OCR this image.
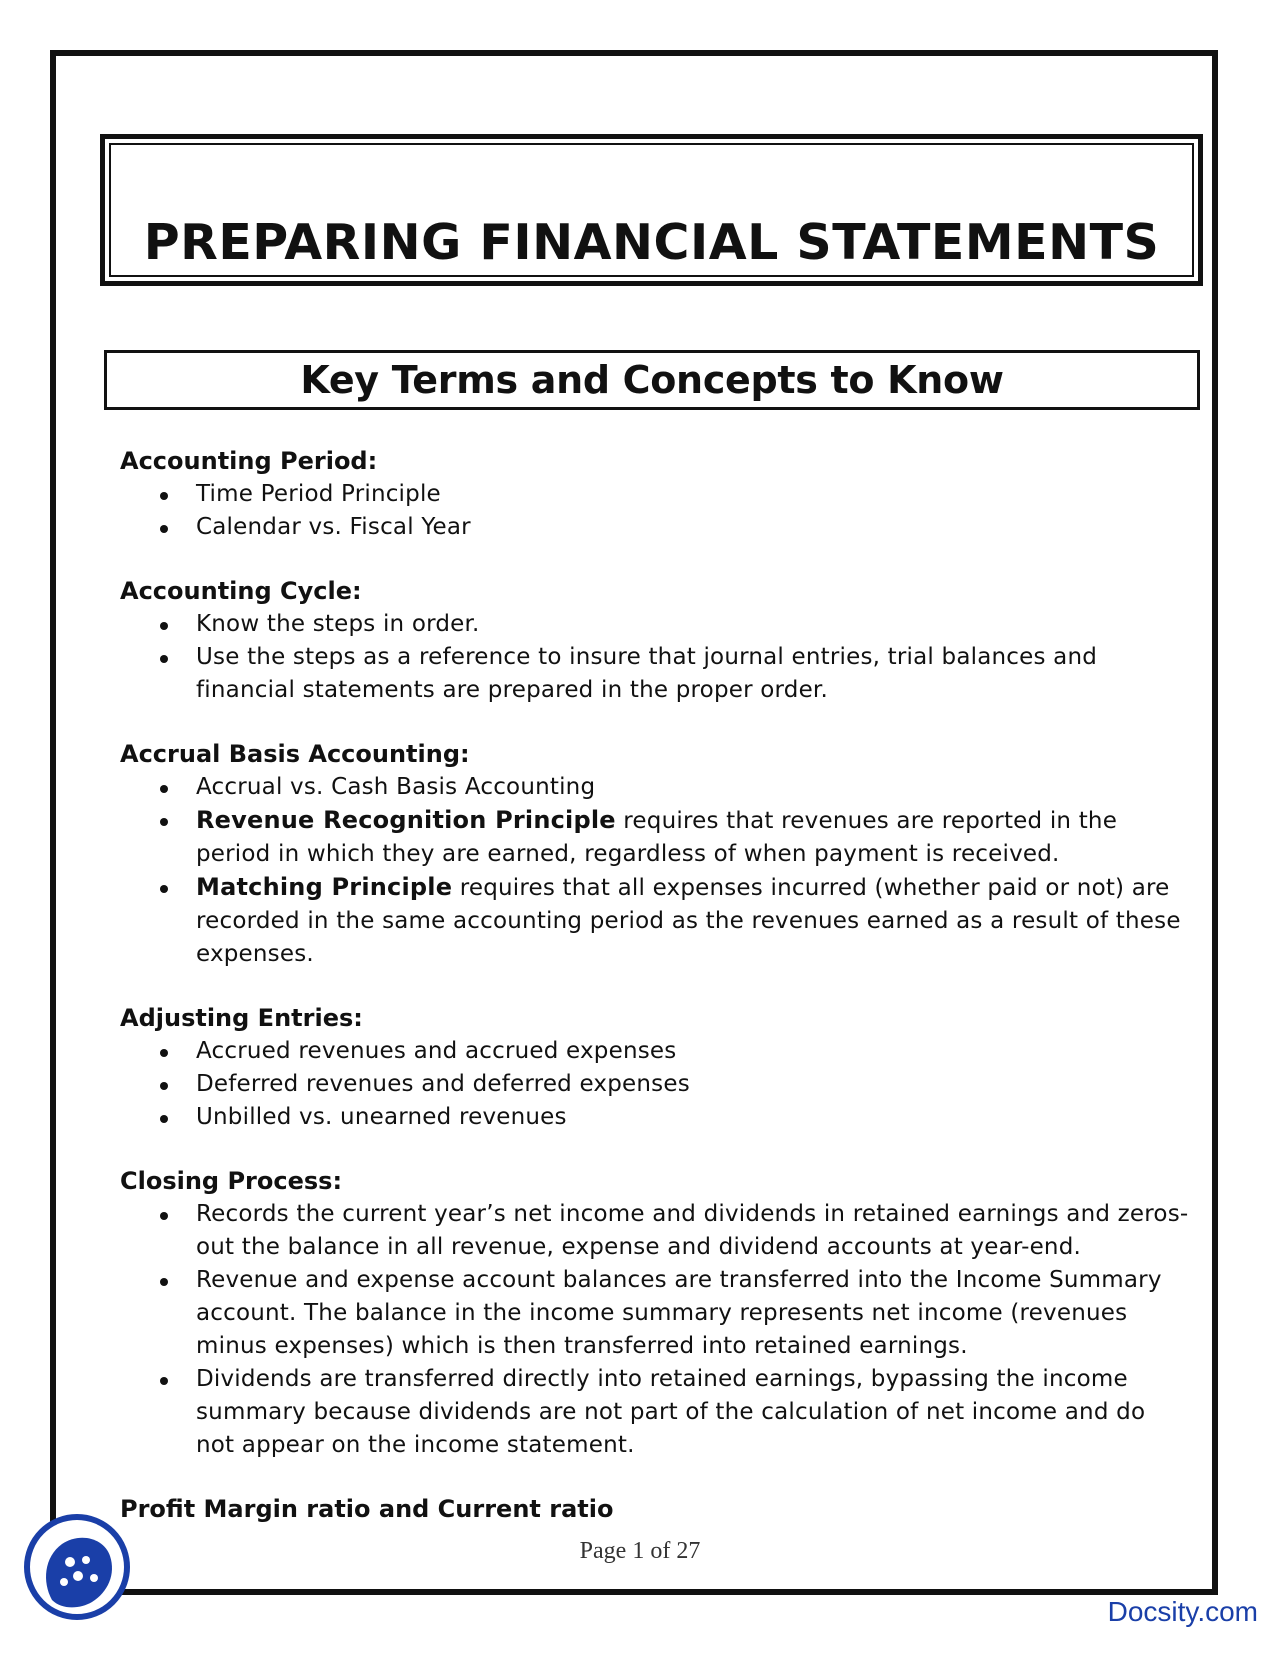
PREPARING FINANCIAL STATEMENTS
Key Terms and Concepts to Know
Accounting Period:
Time Period Principle
Calendar vs. Fiscal Year
Accounting Cycle:
Know the steps in order.
Use the steps as a reference to insure that journal entries, trial balances and financial statements are prepared in the proper order.
Accrual Basis Accounting:
Accrual vs. Cash Basis Accounting
Revenue Recognition Principle requires that revenues are reported in the period in which they are earned, regardless of when payment is received.
Matching Principle requires that all expenses incurred (whether paid or not) are recorded in the same accounting period as the revenues earned as a result of these expenses.
Adjusting Entries:
Accrued revenues and accrued expenses
Deferred revenues and deferred expenses
Unbilled vs. unearned revenues
Closing Process:
Records the current year’s net income and dividends in retained earnings and zeros-out the balance in all revenue, expense and dividend accounts at year-end.
Revenue and expense account balances are transferred into the Income Summary account. The balance in the income summary represents net income (revenues minus expenses) which is then transferred into retained earnings.
Dividends are transferred directly into retained earnings, bypassing the income summary because dividends are not part of the calculation of net income and do not appear on the income statement.
Profit Margin ratio and Current ratio
Page 1 of 27
Docsity.com
